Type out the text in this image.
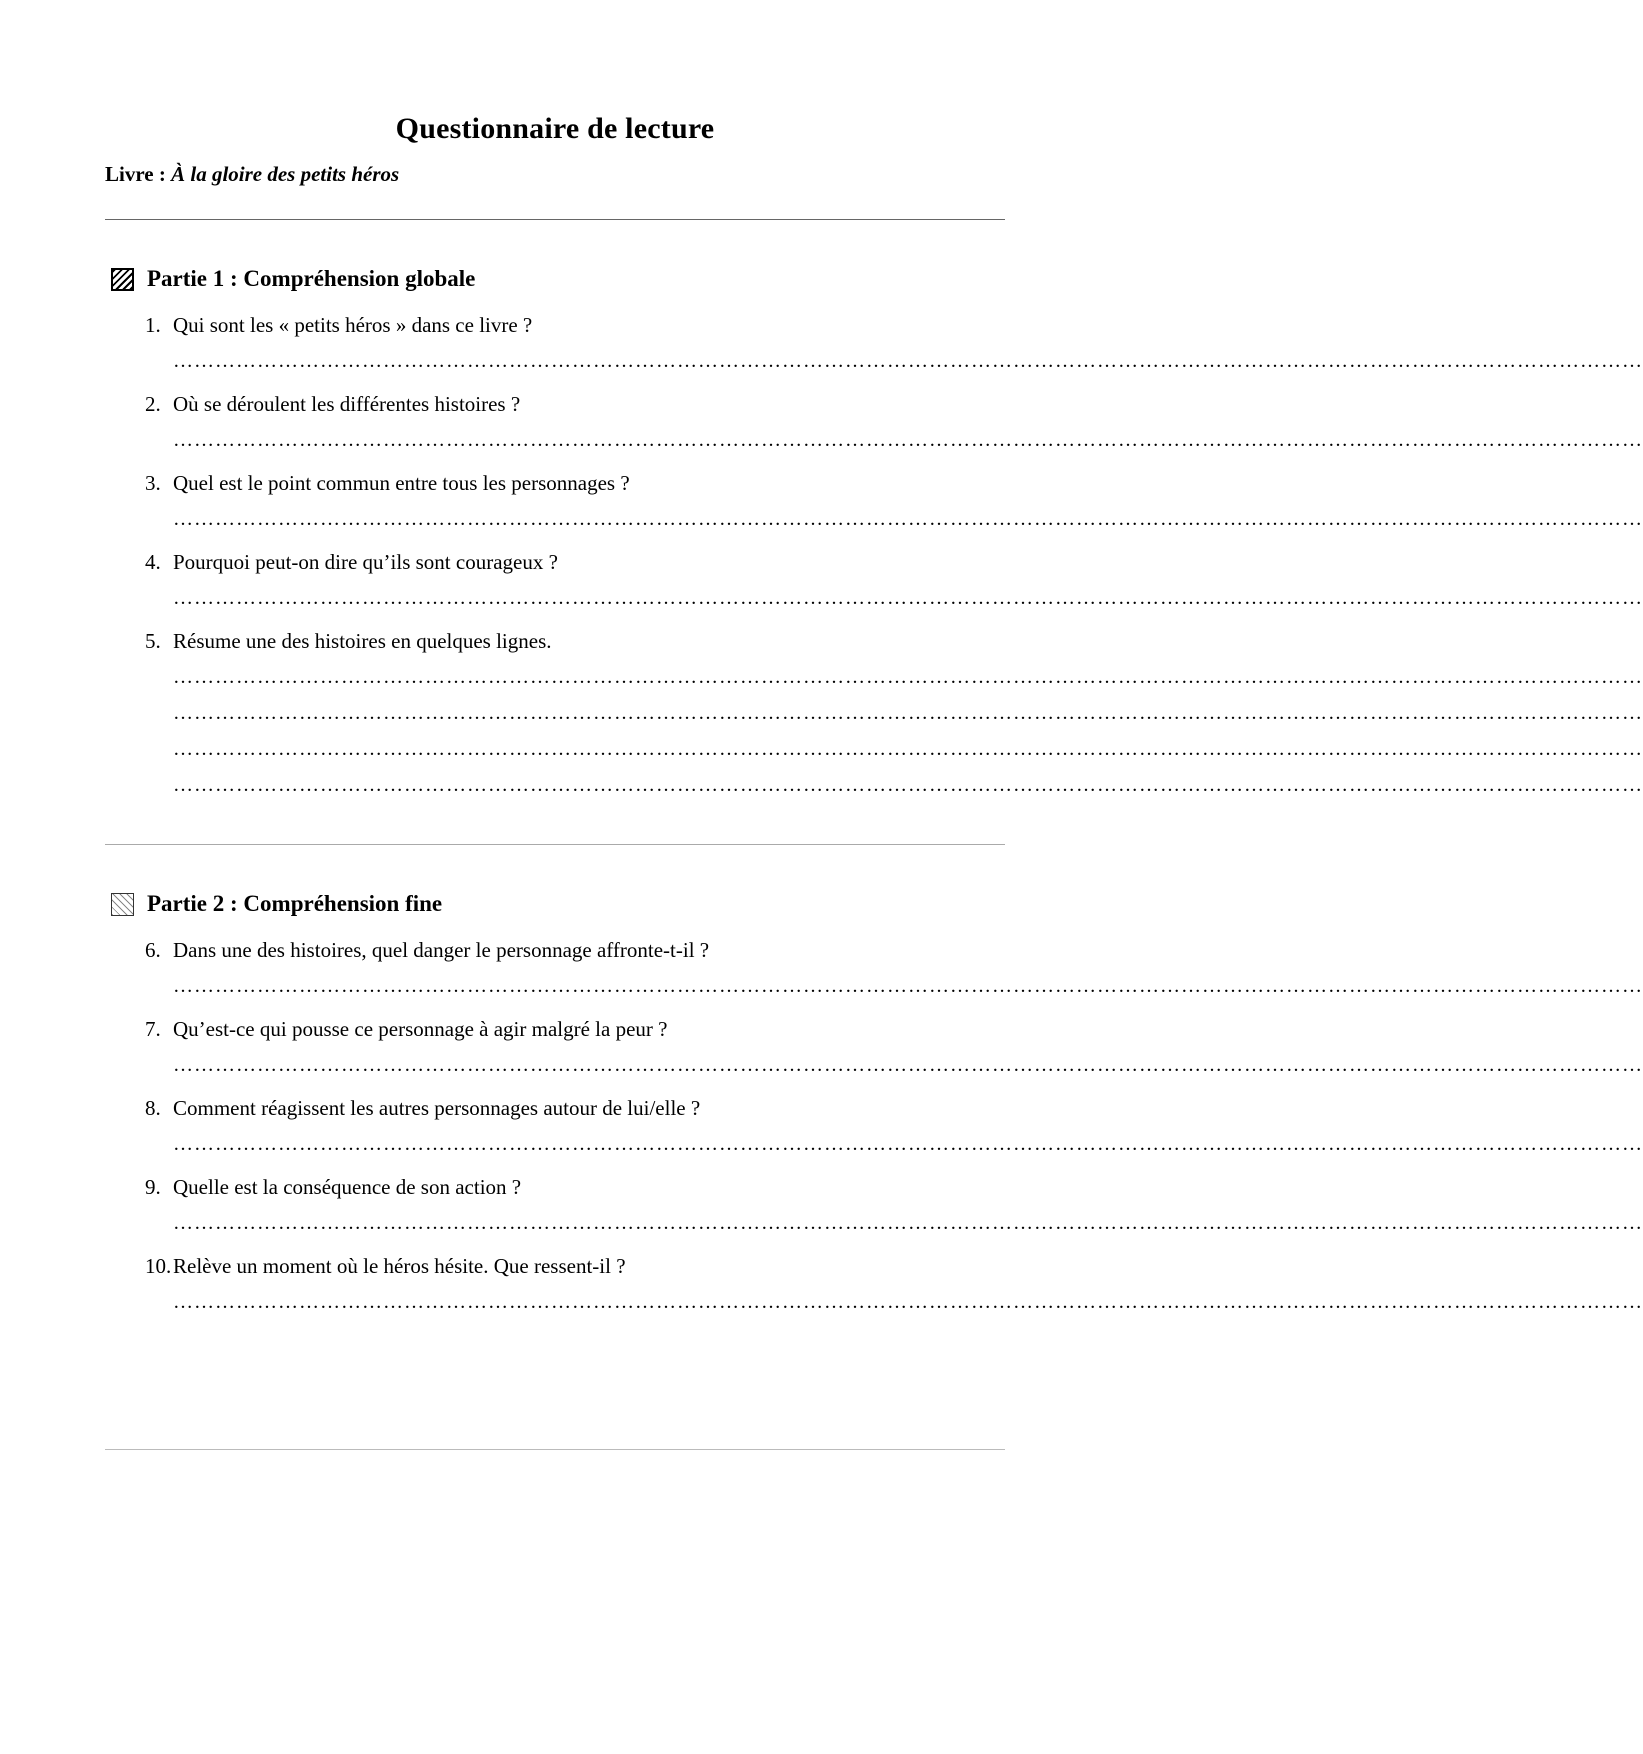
Questionnaire de lecture
Livre : À la gloire des petits héros
Partie 1 : Compréhension globale
1. Qui sont les « petits héros » dans ce livre ?
…………………………………………………………………………………………………………………………………………………………………………………………
2. Où se déroulent les différentes histoires ?
…………………………………………………………………………………………………………………………………………………………………………………………
3. Quel est le point commun entre tous les personnages ?
…………………………………………………………………………………………………………………………………………………………………………………………
4. Pourquoi peut-on dire qu’ils sont courageux ?
…………………………………………………………………………………………………………………………………………………………………………………………
5. Résume une des histoires en quelques lignes.
…………………………………………………………………………………………………………………………………………………………………………………………
…………………………………………………………………………………………………………………………………………………………………………………………
…………………………………………………………………………………………………………………………………………………………………………………………
…………………………………………………………………………………………………………………………………………………………………………………………
Partie 2 : Compréhension fine
6. Dans une des histoires, quel danger le personnage affronte-t-il ?
…………………………………………………………………………………………………………………………………………………………………………………………
7. Qu’est-ce qui pousse ce personnage à agir malgré la peur ?
…………………………………………………………………………………………………………………………………………………………………………………………
8. Comment réagissent les autres personnages autour de lui/elle ?
…………………………………………………………………………………………………………………………………………………………………………………………
9. Quelle est la conséquence de son action ?
…………………………………………………………………………………………………………………………………………………………………………………………
10.Relève un moment où le héros hésite. Que ressent-il ?
…………………………………………………………………………………………………………………………………………………………………………………………
